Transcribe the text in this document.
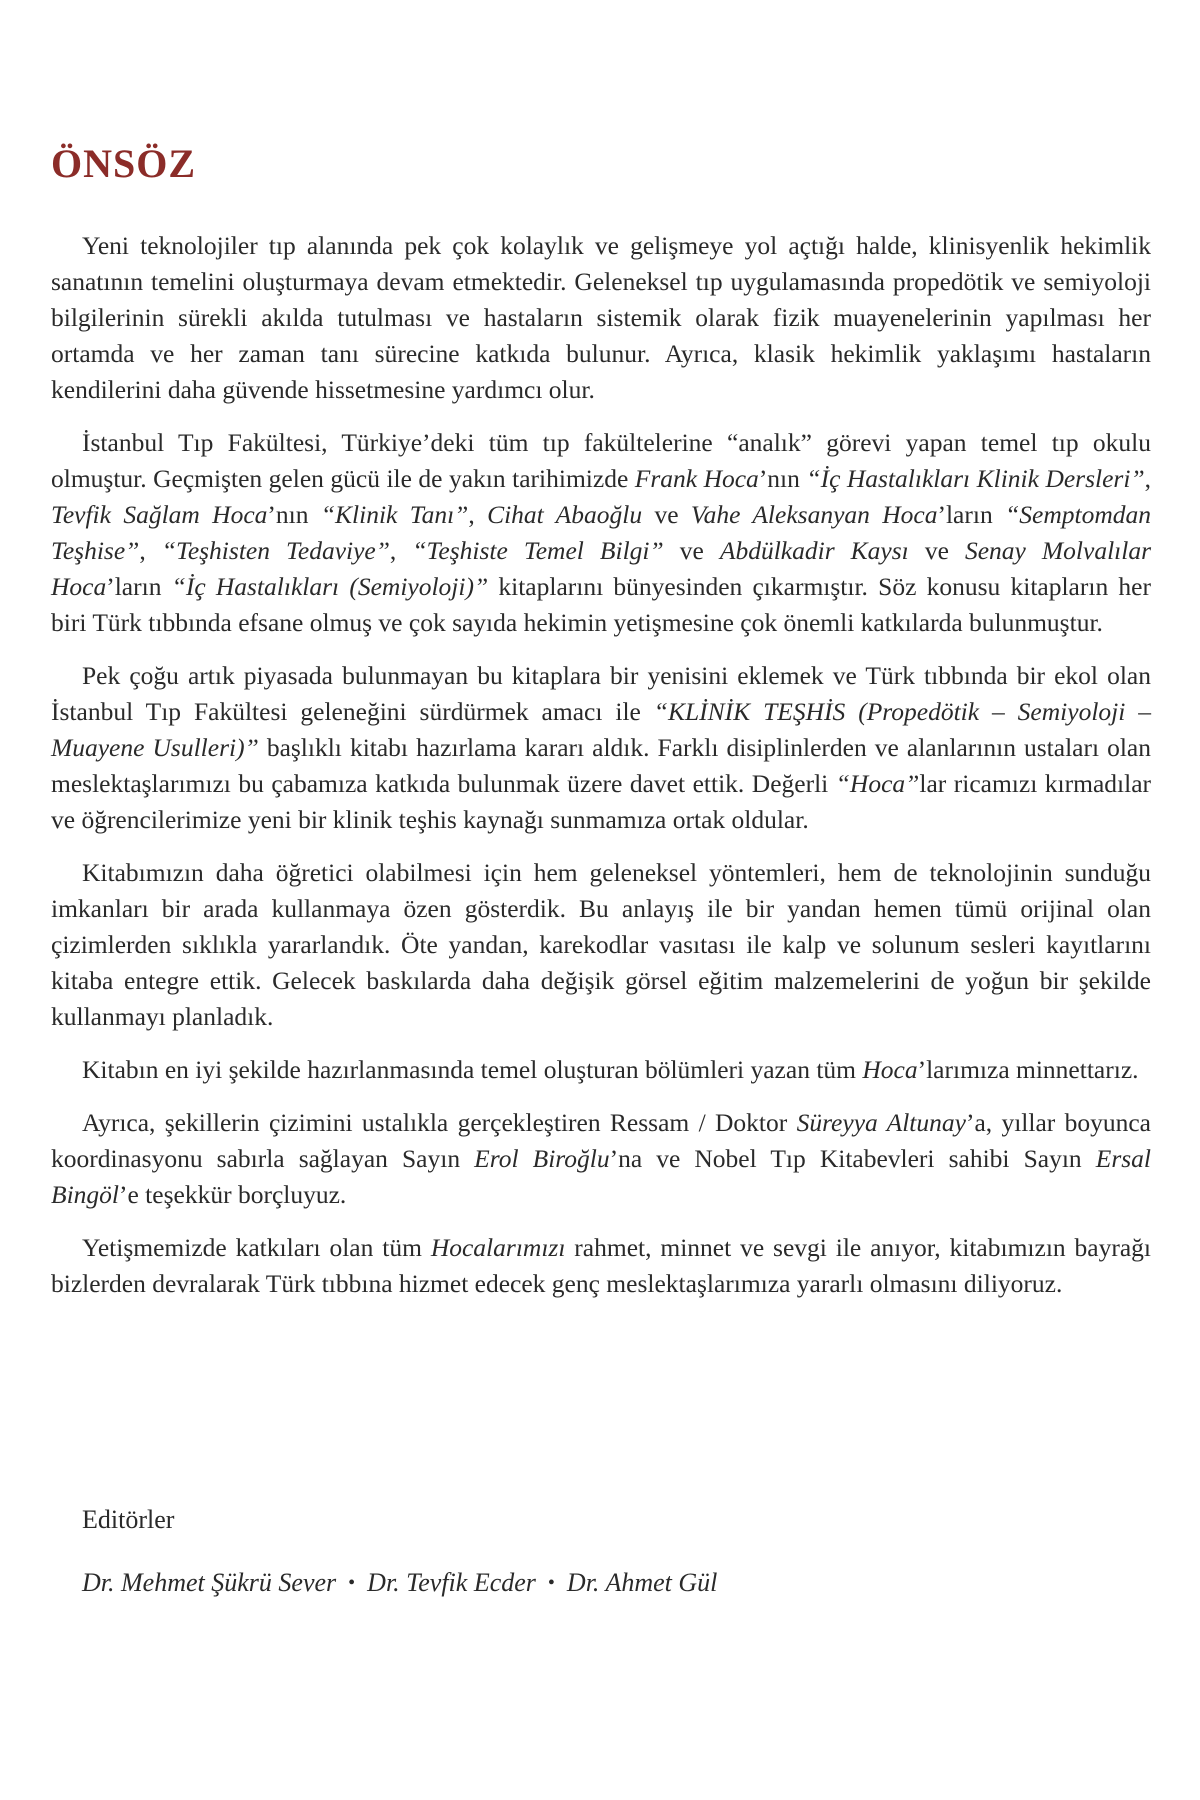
ÖNSÖZ

Yeni teknolojiler tıp alanında pek çok kolaylık ve gelişmeye yol açtığı halde, klinisyenlik hekimlik sanatının temelini oluşturmaya devam etmektedir. Geleneksel tıp uygulamasında propedötik ve semiyoloji bilgilerinin sürekli akılda tutulması ve hastaların sistemik olarak fizik muayenelerinin yapılması her ortamda ve her zaman tanı sürecine katkıda bulunur. Ayrıca, klasik hekimlik yaklaşımı hastaların kendilerini daha güvende hissetmesine yardımcı olur.

İstanbul Tıp Fakültesi, Türkiye’deki tüm tıp fakültelerine “analık” görevi yapan temel tıp okulu olmuştur. Geçmişten gelen gücü ile de yakın tarihimizde Frank Hoca’nın “İç Hastalıkları Klinik Dersleri”, Tevfik Sağlam Hoca’nın “Klinik Tanı”, Cihat Abaoğlu ve Vahe Aleksanyan Hoca’ların “Semptomdan Teşhise”, “Teşhisten Tedaviye”, “Teşhiste Temel Bilgi” ve Abdülkadir Kaysı ve Senay Molvalılar Hoca’ların “İç Hastalıkları (Semiyoloji)” kitaplarını bünyesinden çıkarmıştır. Söz konusu kitapların her biri Türk tıbbında efsane olmuş ve çok sayıda hekimin yetişmesine çok önemli katkılarda bulunmuştur.

Pek çoğu artık piyasada bulunmayan bu kitaplara bir yenisini eklemek ve Türk tıbbında bir ekol olan İstanbul Tıp Fakültesi geleneğini sürdürmek amacı ile “KLİNİK TEŞHİS (Propedötik – Semiyoloji – Muayene Usulleri)” başlıklı kitabı hazırlama kararı aldık. Farklı disiplinlerden ve alanlarının ustaları olan meslektaşlarımızı bu çabamıza katkıda bulunmak üzere davet ettik. Değerli “Hoca”lar ricamızı kırmadılar ve öğrencilerimize yeni bir klinik teşhis kaynağı sunmamıza ortak oldular.

Kitabımızın daha öğretici olabilmesi için hem geleneksel yöntemleri, hem de teknolojinin sunduğu imkanları bir arada kullanmaya özen gösterdik. Bu anlayış ile bir yandan hemen tümü orijinal olan çizimlerden sıklıkla yararlandık. Öte yandan, karekodlar vasıtası ile kalp ve solunum sesleri kayıtlarını kitaba entegre ettik. Gelecek baskılarda daha değişik görsel eğitim malzemelerini de yoğun bir şekilde kullanmayı planladık.

Kitabın en iyi şekilde hazırlanmasında temel oluşturan bölümleri yazan tüm Hoca’larımıza minnettarız.

Ayrıca, şekillerin çizimini ustalıkla gerçekleştiren Ressam / Doktor Süreyya Altunay’a, yıllar boyunca koordinasyonu sabırla sağlayan Sayın Erol Biroğlu’na ve Nobel Tıp Kitabevleri sahibi Sayın Ersal Bingöl’e teşekkür borçluyuz.

Yetişmemizde katkıları olan tüm Hocalarımızı rahmet, minnet ve sevgi ile anıyor, kitabımızın bayrağı bizlerden devralarak Türk tıbbına hizmet edecek genç meslektaşlarımıza yararlı olmasını diliyoruz.

Editörler

Dr. Mehmet Şükrü Sever • Dr. Tevfik Ecder • Dr. Ahmet Gül
